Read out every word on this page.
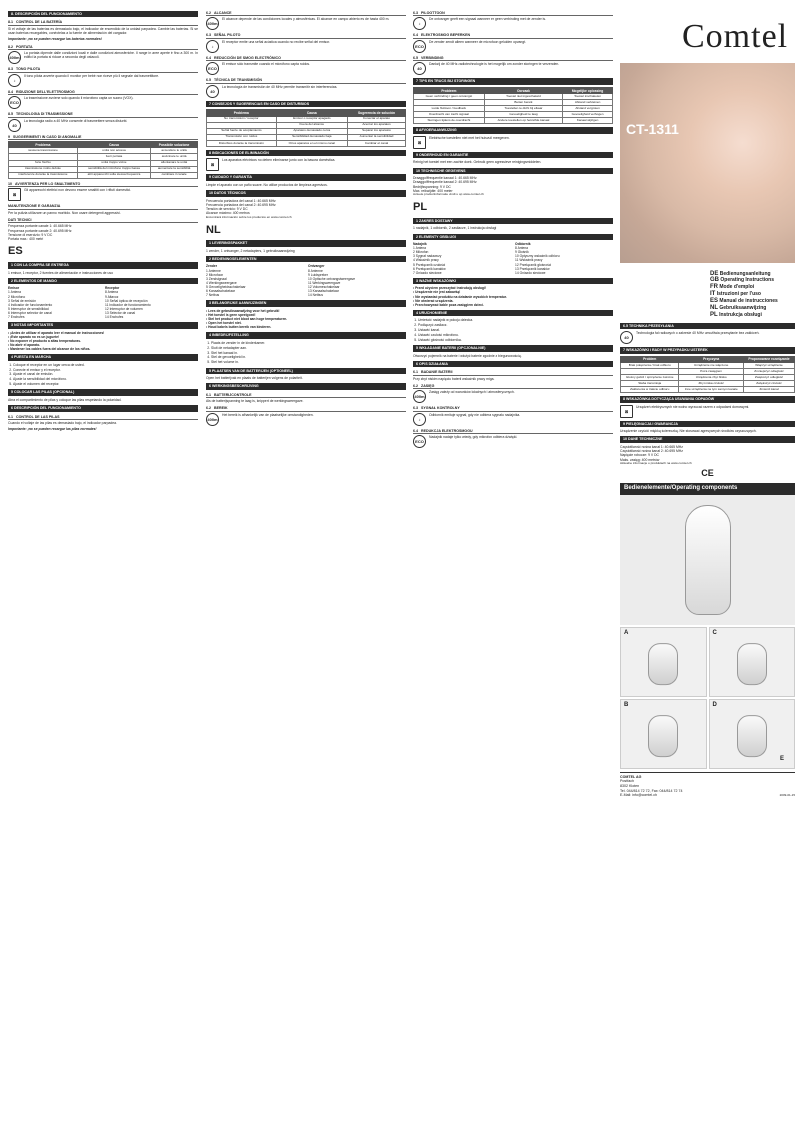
8. DESCRIPCIÓN DEL FUNCIONAMIENTO
8.1 CONTROL DE LA BATERÍA

Si el voltaje de las baterías es demasiado bajo, el indicador de encendido de la unidad parpadea. Cambie las baterías. Si se usan baterías recargables, conéctelas a la fuente de alimentación del cargador.

Importante: ¡no se pueden recargar las baterías normales!

8.2 PORTATA
400m

La portata dipende dalle condizioni locali e dalle condizioni atmosferiche. Il range in aree aperte è fino a 300 m. In edifici la portata si riduce a seconda degli ostacoli.

8.3 TONO PILOTA
♪

Il tono pilota avverte quando il monitor per bebè non riceve più il segnale dal trasmettitore.

8.4 RIDUZIONE DELL'ELETTROSMOG
ECO

La trasmissione avviene solo quando il microfono capta un suono (VOX).

8.5 TECNOLOGIA DI TRASMISSIONE
40

La tecnologia radio a 40 MHz consente di trasmettere senza disturbi.

9 SUGGERIMENTI IN CASO DI ANOMALIE
Problema	Causa	Possibile soluzione
nessuna trasmissione	unità non accesa	accendere le unità
	fuori portata	avvicinare le unità
forte fischio	unità troppo vicine	allontanare le unità
trasmissione molto debole	sensibilità del microfono troppo bassa	aumentare la sensibilità
interferenze durante la trasmissione	altri apparecchi sulla stessa frequenza	cambiare il canale
10 AVVERTENZA PER LO SMALTIMENTO
⊠

Gli apparecchi elettrici non devono essere smaltiti con i rifiuti domestici.

MANUTENZIONE E GARANZIA

Per la pulizia utilizzare un panno morbido. Non usare detergenti aggressivi.

DATI TECNICI
Frequenza portante canale 1: 40.665 MHz
Frequenza portante canale 2: 40.695 MHz
Tensione di esercizio: 9 V DC
Portata max.: 400 metri
ES
1 CON LA COMPRA SE ENTREGA

1 emisor, 1 receptor, 2 fuentes de alimentación e instrucciones de uso

2 ELEMENTOS DE MANDO
Emisor	Receptor
1 Antena	8 Antena
2 Micrófono	9 Altavoz
3 Señal de emisión	10 Señal óptica de recepción
4 Indicador de funcionamiento	11 Indicador de funcionamiento
5 Interruptor de sensibilidad	12 Interruptor de volumen
6 Interruptor selector de canal	13 Selector de canal
7 Enchufes	14 Enchufes
3 NOTAS IMPORTANTES
• ¡Antes de utilizar el aparato leer el manual de instrucciones!
• ¡Este aparato no es un juguete!
• No exponer el producto a altas temperaturas.
• No abrir el aparato.
• Mantener los cables fuera del alcance de los niños.
4 PUESTA EN MARCHA
1. Coloque el receptor en un lugar cerca de usted.
2. Conecte el emisor y el receptor.
3. Ajuste el canal de emisión.
4. Ajuste la sensibilidad del micrófono.
5. Ajuste el volumen del receptor.
5 COLOCAR LAS PILAS (OPCIONAL)

Abra el compartimiento de pilas y coloque las pilas respetando la polaridad.

6 DESCRIPCIÓN DEL FUNCIONAMIENTO
6.1 CONTROL DE LAS PILAS

Cuando el voltaje de las pilas es demasiado bajo, el indicador parpadea.

Importante: ¡no se pueden recargar las pilas normales!

6.2 ALCANCE
400m

El alcance depende de las condiciones locales y atmosféricas. El alcance en campo abierto es de hasta 400 m.

6.3 SEÑAL PILOTO
♪

El receptor emite una señal acústica cuando no recibe señal del emisor.

6.4 REDUCCIÓN DE SMOG ELECTRÓNICO
ECO

El emisor sólo transmite cuando el micrófono capta ruidos.

6.5 TÉCNICA DE TRANSMISIÓN
40

La tecnología de transmisión de 40 MHz permite transmitir sin interferencias.

7 CONSEJOS Y SUGERENCIAS EN CASO DE DISTURBIOS
Problema	Causa	Sugerencia de solución
No transmisión / receptor	Emisor o receptor apagado	Conectar el aparato
	Fuera del alcance	Acercar los aparatos
Señal fuerte de acoplamiento	Aparatos demasiado cerca	Separar los aparatos
Transmisión con ruidos	Sensibilidad demasiado baja	Aumentar la sensibilidad
Disturbios durante la transmisión	Otros aparatos en el mismo canal	Cambiar el canal
8 INDICACIONES DE ELIMINACIÓN
⊠

Los aparatos eléctricos no deben eliminarse junto con la basura doméstica.

9 CUIDADO Y GARANTÍA

Limpie el aparato con un paño suave. No utilice productos de limpieza agresivos.

10 DATOS TÉCNICOS
Frecuencia portadora del canal 1: 40.665 MHz
Frecuencia portadora del canal 2: 40.695 MHz
Tensión de servicio: 9 V DC
Alcance máximo: 400 metros

Encontrará información sobre los productos en www.comtel.ch

NL
1 LEVERINGSPAKKET

1 zender, 1 ontvanger, 2 netadapters, 1 gebruiksaanwijzing

2 BEDIENINGSELEMENTEN
Zender	Ontvanger
1 Antenne	8 Antenne
2 Microfoon	9 Luidspreker
3 Zendsignaal	10 Optische ontvangstweergave
4 Werkingsweergave	11 Werkingsweergave
5 Gevoeligheidsschakelaar	12 Volumeschakelaar
6 Kanaalschakelaar	13 Kanaalschakelaar
7 Netbus	14 Netbus
3 BELANGRIJKE AANWIJZINGEN
• Lees de gebruiksaanwijzing voor het gebruik!
• Het toestel is geen speelgoed!
• Stel het product niet bloot aan hoge temperaturen.
• Open het toestel niet.
• Houd kabels buiten bereik van kinderen.
4 INBEDRIJFSTELLING
1. Plaats de zender in de kinderkamer.
2. Sluit de netadapter aan.
3. Stel het kanaal in.
4. Stel de gevoeligheid in.
5. Stel het volume in.
5 PLAATSEN VAN DE BATTERIJEN (OPTIONEEL)

Open het batterijvak en plaats de batterijen volgens de polariteit.

6 WERKINGSBESCHRIJVING
6.1 BATTERIJCONTROLE

Als de batterijspanning te laag is, knippert de werkingsweergave.

6.2 BEREIK
400m

Het bereik is afhankelijk van de plaatselijke omstandigheden.

6.3 PILOOTTOON
♪

De ontvanger geeft een signaal wanneer er geen verbinding met de zender is.

6.4 ELEKTROSMOG BEPERKEN
ECO

De zender zendt alleen wanneer de microfoon geluiden opvangt.

6.5 VERBINDING
40

Dankzij de 40 MHz-radiotechnologie is het mogelijk om zonder storingen te verzenden.

7 TIPS EN TRUCS BIJ STORINGEN
Probleem	Oorzaak	Mogelijke oplossing
Geen verbinding / geen ontvangst	Toestel niet ingeschakeld	Toestel inschakelen
	Buiten bereik	Afstand verkleinen
Luide fluittoon / feedback	Toestellen te dicht bij elkaar	Afstand vergroten
Overdracht van zacht signaal	Gevoeligheid te laag	Gevoeligheid verhogen
Storingen tijdens de overdracht	Andere toestellen op hetzelfde kanaal	Kanaal wijzigen
8 AFVOERAANWIJZING
⊠

Elektrische toestellen niet met het huisvuil meegeven.

9 ONDERHOUD EN GARANTIE

Reinig het toestel met een zachte doek. Gebruik geen agressieve reinigingsmiddelen.

10 TECHNISCHE GEGEVENS
Draaggolffrequentie kanaal 1: 40.665 MHz
Draaggolffrequentie kanaal 2: 40.695 MHz
Bedrijfsspanning: 9 V DC
Max. reikwijdte: 400 meter

Actuele productinformatie vindt u op www.comtel.ch

PL
1 ZAKRES DOSTAWY

1 nadajnik, 1 odbiornik, 2 zasilacze, 1 instrukcja obsługi

2 ELEMENTY OBSŁUGI
Nadajnik	Odbiornik
1 Antena	8 Antena
2 Mikrofon	9 Głośnik
3 Sygnał nadawczy	10 Optyczny wskaźnik odbioru
4 Wskaźnik pracy	11 Wskaźnik pracy
5 Przełącznik czułości	12 Przełącznik głośności
6 Przełącznik kanałów	13 Przełącznik kanałów
7 Gniazdo sieciowe	14 Gniazdo sieciowe
3 WAŻNE WSKAZÓWKI
• Przed użyciem przeczytać instrukcję obsługi!
• Urządzenie nie jest zabawką!
• Nie wystawiać produktu na działanie wysokich temperatur.
• Nie otwierać urządzenia.
• Przechowywać kable poza zasięgiem dzieci.
4 URUCHOMIENIE
1. Umieścić nadajnik w pokoju dziecka.
2. Podłączyć zasilacz.
3. Ustawić kanał.
4. Ustawić czułość mikrofonu.
5. Ustawić głośność odbiornika.
5 WKŁADANIE BATERII (OPCJONALNIE)

Otworzyć pojemnik na baterie i włożyć baterie zgodnie z biegunowością.

6 OPIS DZIAŁANIA
6.1 BADANIE BATERII

Przy zbyt niskim napięciu baterii wskaźnik pracy miga.

6.2 ZASIĘG
400m

Zasięg zależy od warunków lokalnych i atmosferycznych.

6.3 SYGNAŁ KONTROLNY
♪

Odbiornik emituje sygnał, gdy nie odbiera sygnału nadajnika.

6.4 REDUKCJA ELEKTROSMOGU
ECO

Nadajnik nadaje tylko wtedy, gdy mikrofon odbiera dźwięki.

Comtel
CT-1311
DE Bedienungsanleitung
GB Operating Instructions
FR Mode d'emploi
IT Istruzioni per l'uso
ES Manual de instrucciones
NL Gebruiksaanwijzing
PL Instrukcja obsługi
6.5 TECHNIKA PRZESYŁANIA
40

Technologia fal radiowych o zakresie 40 MHz umożliwia przesyłanie bez zakłóceń.

7 WSKAZÓWKI I RADY W PRZYPADKU USTEREK
Problem	Przyczyna	Proponowane rozwiązanie
Brak połączenia / brak odbioru	Urządzenie nie włączone	Włączyć urządzenie
	Poza zasięgiem	Zmniejszyć odległość
Głośny gwizd / sprzężenie zwrotne	Urządzenia zbyt blisko	Zwiększyć odległość
Słaba transmisja	Zbyt niska czułość	Zwiększyć czułość
Zakłócenia w trakcie odbioru	Inne urządzenia na tym samym kanale	Zmienić kanał
8 WSKAZÓWKA DOTYCZĄCA USUWANIA ODPADÓW
⊠

Urządzeń elektrycznych nie wolno wyrzucać razem z odpadami domowymi.

9 PIELĘGNACJA I GWARANCJA

Urządzenie czyścić miękką ściereczką. Nie stosować agresywnych środków czyszczących.

10 DANE TECHNICZNE
Częstotliwość nośna kanał 1: 40.665 MHz
Częstotliwość nośna kanał 2: 40.695 MHz
Napięcie robocze: 9 V DC
Maks. zasięg: 400 metrów

Aktualne informacje o produktach na www.comtel.ch

CE
Bedienelemente/Operating components
A	C
B	D
E
COMTEL AG
Postfach
8302 Kloten
Tel. 044/814 72 72, Fax: 044/814 72 74
E-Mail: info@comtel.ch	2009-01-15
